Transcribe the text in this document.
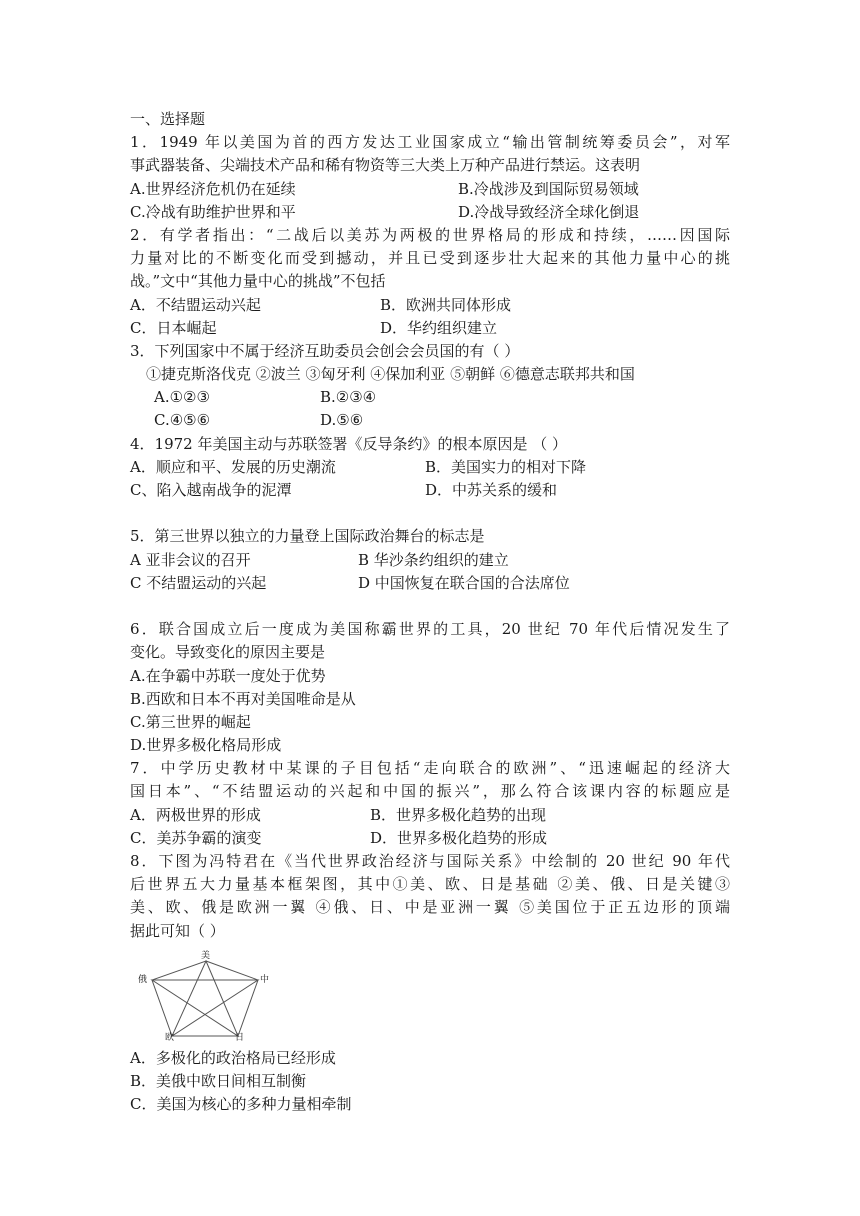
一、选择题
1．1949 年以美国为首的西方发达工业国家成立“输出管制统筹委员会”，对军
事武器装备、尖端技术产品和稀有物资等三大类上万种产品进行禁运。这表明
A.世界经济危机仍在延续	B.冷战涉及到国际贸易领域
C.冷战有助维护世界和平	D.冷战导致经济全球化倒退
2．有学者指出：“二战后以美苏为两极的世界格局的形成和持续，……因国际
力量对比的不断变化而受到撼动，并且已受到逐步壮大起来的其他力量中心的挑
战。”文中“其他力量中心的挑战”不包括
A．不结盟运动兴起	B．欧洲共同体形成
C．日本崛起	D．华约组织建立
3．下列国家中不属于经济互助委员会创会会员国的有（ ）
①捷克斯洛伐克 ②波兰 ③匈牙利 ④保加利亚 ⑤朝鲜 ⑥德意志联邦共和国
A.①②③	B.②③④
C.④⑤⑥	D.⑤⑥
4．1972 年美国主动与苏联签署《反导条约》的根本原因是 （ ）
A．顺应和平、发展的历史潮流	B．美国实力的相对下降
C、陷入越南战争的泥潭	D．中苏关系的缓和
5．第三世界以独立的力量登上国际政治舞台的标志是
A 亚非会议的召开	B 华沙条约组织的建立
C 不结盟运动的兴起	D 中国恢复在联合国的合法席位
6．联合国成立后一度成为美国称霸世界的工具，20 世纪 70 年代后情况发生了
变化。导致变化的原因主要是
A.在争霸中苏联一度处于优势
B.西欧和日本不再对美国唯命是从
C.第三世界的崛起
D.世界多极化格局形成
7．中学历史教材中某课的子目包括“走向联合的欧洲”、“迅速崛起的经济大
国日本”、“不结盟运动的兴起和中国的振兴”，那么符合该课内容的标题应是
A．两极世界的形成	B．世界多极化趋势的出现
C．美苏争霸的演变	D．世界多极化趋势的形成
8．下图为冯特君在《当代世界政治经济与国际关系》中绘制的 20 世纪 90 年代
后世界五大力量基本框架图，其中①美、欧、日是基础 ②美、俄、日是关键③
美、欧、俄是欧洲一翼 ④俄、日、中是亚洲一翼 ⑤美国位于正五边形的顶端
据此可知（ ）
美
俄	中
欧	日
A．多极化的政治格局已经形成
B．美俄中欧日间相互制衡
C．美国为核心的多种力量相牵制
